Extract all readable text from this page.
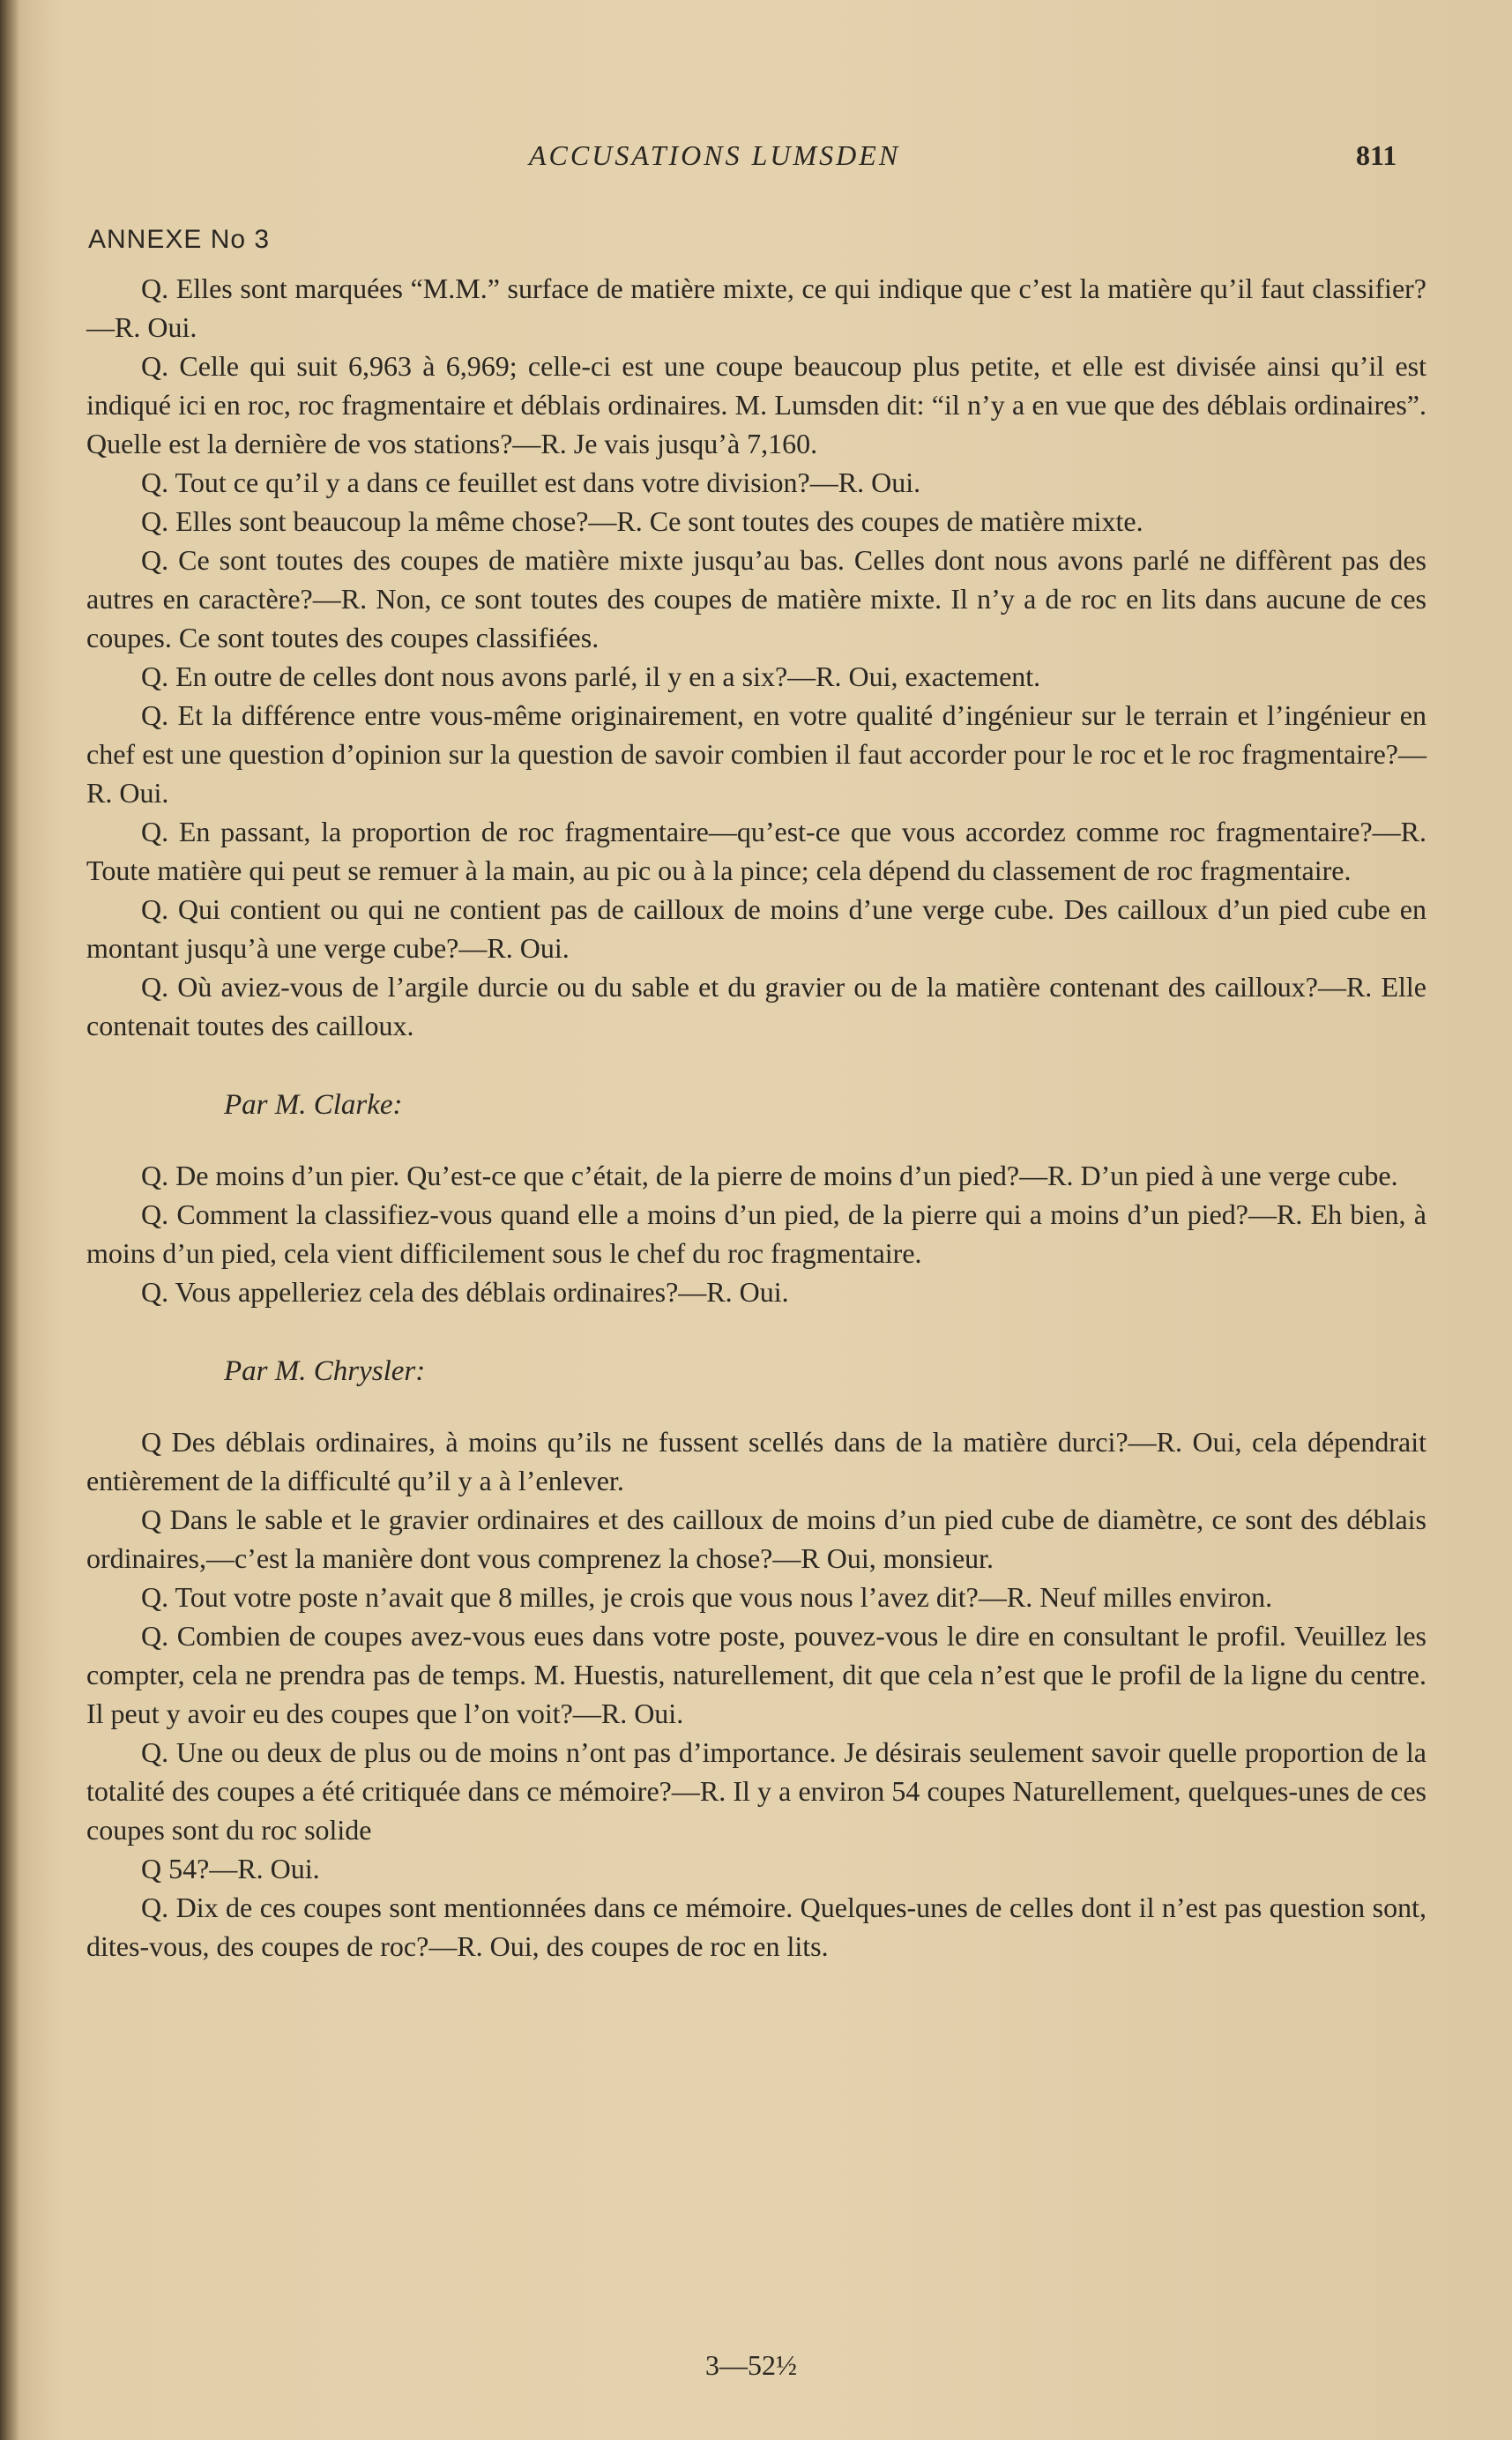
ACCUSATIONS LUMSDEN	811
ANNEXE No 3

Q. Elles sont marquées “M.M.” surface de matière mixte, ce qui indique que c’est la matière qu’il faut classifier?—R. Oui.

Q. Celle qui suit 6,963 à 6,969; celle-ci est une coupe beaucoup plus petite, et elle est divisée ainsi qu’il est indiqué ici en roc, roc fragmentaire et déblais ordinaires. M. Lumsden dit: “il n’y a en vue que des déblais ordinaires”. Quelle est la dernière de vos stations?—R. Je vais jusqu’à 7,160.

Q. Tout ce qu’il y a dans ce feuillet est dans votre division?—R. Oui.

Q. Elles sont beaucoup la même chose?—R. Ce sont toutes des coupes de matière mixte.

Q. Ce sont toutes des coupes de matière mixte jusqu’au bas. Celles dont nous avons parlé ne diffèrent pas des autres en caractère?—R. Non, ce sont toutes des coupes de matière mixte. Il n’y a de roc en lits dans aucune de ces coupes. Ce sont toutes des coupes classifiées.

Q. En outre de celles dont nous avons parlé, il y en a six?—R. Oui, exactement.

Q. Et la différence entre vous-même originairement, en votre qualité d’ingénieur sur le terrain et l’ingénieur en chef est une question d’opinion sur la question de savoir combien il faut accorder pour le roc et le roc fragmentaire?—R. Oui.

Q. En passant, la proportion de roc fragmentaire—qu’est-ce que vous accordez comme roc fragmentaire?—R. Toute matière qui peut se remuer à la main, au pic ou à la pince; cela dépend du classement de roc fragmentaire.

Q. Qui contient ou qui ne contient pas de cailloux de moins d’une verge cube. Des cailloux d’un pied cube en montant jusqu’à une verge cube?—R. Oui.

Q. Où aviez-vous de l’argile durcie ou du sable et du gravier ou de la matière contenant des cailloux?—R. Elle contenait toutes des cailloux.

Par M. Clarke:

Q. De moins d’un pier. Qu’est-ce que c’était, de la pierre de moins d’un pied?—R. D’un pied à une verge cube.

Q. Comment la classifiez-vous quand elle a moins d’un pied, de la pierre qui a moins d’un pied?—R. Eh bien, à moins d’un pied, cela vient difficilement sous le chef du roc fragmentaire.

Q. Vous appelleriez cela des déblais ordinaires?—R. Oui.

Par M. Chrysler:

Q Des déblais ordinaires, à moins qu’ils ne fussent scellés dans de la matière durci?—R. Oui, cela dépendrait entièrement de la difficulté qu’il y a à l’enlever.

Q Dans le sable et le gravier ordinaires et des cailloux de moins d’un pied cube de diamètre, ce sont des déblais ordinaires,—c’est la manière dont vous comprenez la chose?—R Oui, monsieur.

Q. Tout votre poste n’avait que 8 milles, je crois que vous nous l’avez dit?—R. Neuf milles environ.

Q. Combien de coupes avez-vous eues dans votre poste, pouvez-vous le dire en consultant le profil. Veuillez les compter, cela ne prendra pas de temps. M. Huestis, naturellement, dit que cela n’est que le profil de la ligne du centre. Il peut y avoir eu des coupes que l’on voit?—R. Oui.

Q. Une ou deux de plus ou de moins n’ont pas d’importance. Je désirais seulement savoir quelle proportion de la totalité des coupes a été critiquée dans ce mémoire?—R. Il y a environ 54 coupes Naturellement, quelques-unes de ces coupes sont du roc solide

Q 54?—R. Oui.

Q. Dix de ces coupes sont mentionnées dans ce mémoire. Quelques-unes de celles dont il n’est pas question sont, dites-vous, des coupes de roc?—R. Oui, des coupes de roc en lits.

3—52½
